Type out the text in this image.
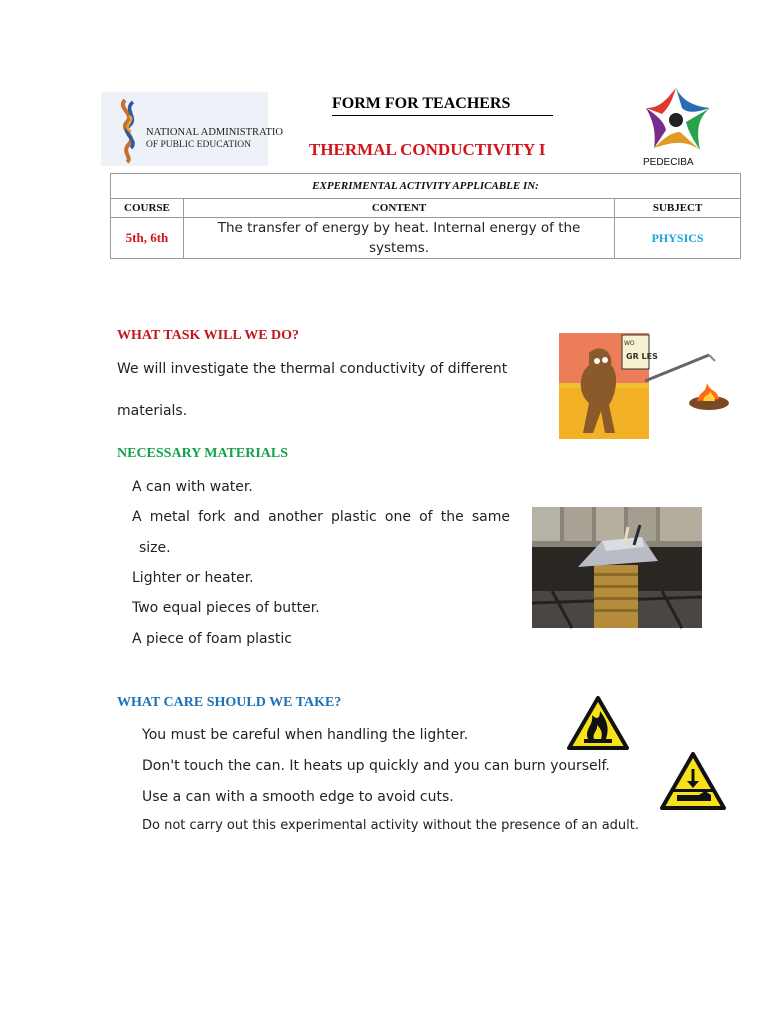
NATIONAL ADMINISTRATIO
OF PUBLIC EDUCATION
FORM FOR TEACHERS
THERMAL CONDUCTIVITY I
PEDECIBA
EXPERIMENTAL ACTIVITY APPLICABLE IN:		
COURSE	CONTENT	SUBJECT
5th, 6th	The transfer of energy by heat. Internal energy of the systems.	PHYSICS
WHAT TASK WILL WE DO?
We will investigate the thermal conductivity of different
materials.
WO
GR LES
NECESSARY MATERIALS
A can with water.
A metal fork and another plastic one of the same
size.
Lighter or heater.
Two equal pieces of butter.
A piece of foam plastic
WHAT CARE SHOULD WE TAKE?
You must be careful when handling the lighter.
Don't touch the can. It heats up quickly and you can burn yourself.
Use a can with a smooth edge to avoid cuts.
Do not carry out this experimental activity without the presence of an adult.
